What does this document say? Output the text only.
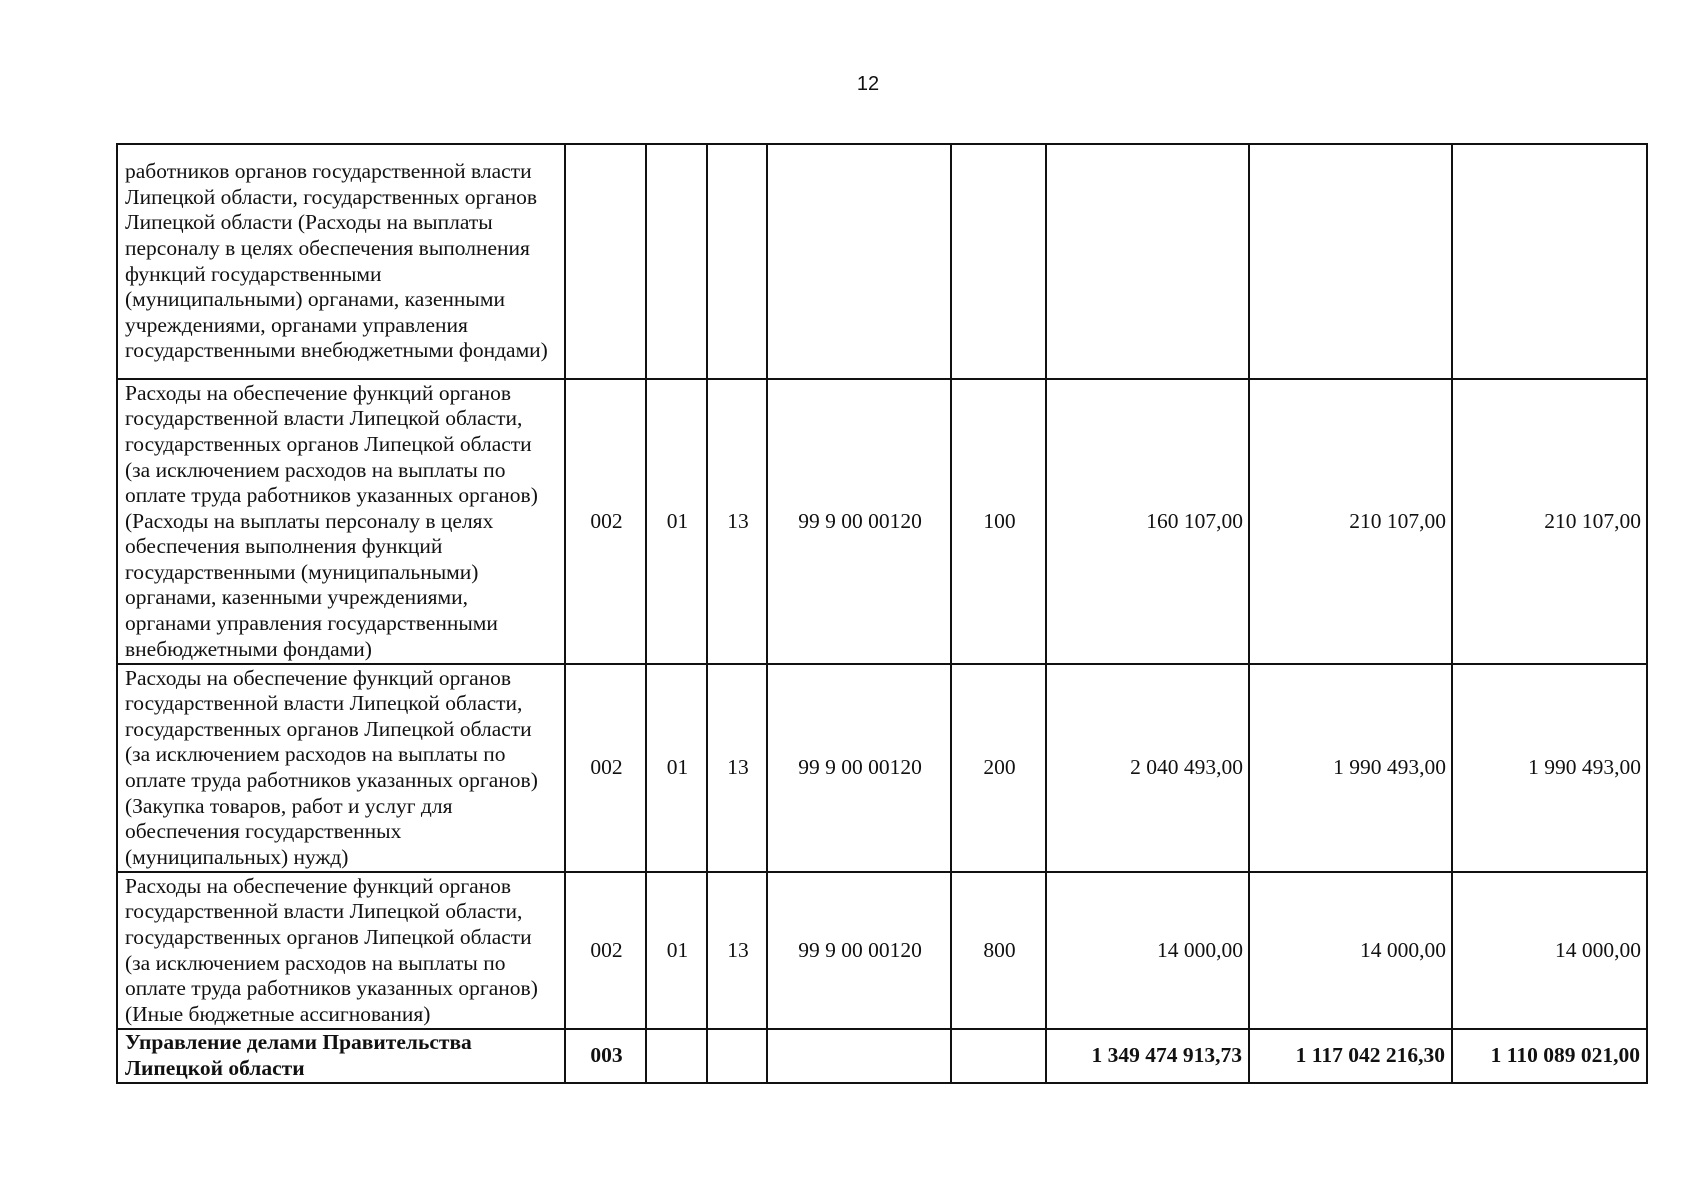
12
работников органов государственной власти Липецкой области, государственных органов Липецкой области (Расходы на выплаты персоналу в целях обеспечения выполнения функций государственными (муниципальными) органами, казенными учреждениями, органами управления государственными внебюджетными фондами)								
Расходы на обеспечение функций органов государственной власти Липецкой области, государственных органов Липецкой области (за исключением расходов на выплаты по оплате труда работников указанных органов) (Расходы на выплаты персоналу в целях обеспечения выполнения функций государственными (муниципальными) органами, казенными учреждениями, органами управления государственными внебюджетными фондами)	002	01	13	99 9 00 00120	100	160 107,00	210 107,00	210 107,00
Расходы на обеспечение функций органов государственной власти Липецкой области, государственных органов Липецкой области (за исключением расходов на выплаты по оплате труда работников указанных органов) (Закупка товаров, работ и услуг для обеспечения государственных (муниципальных) нужд)	002	01	13	99 9 00 00120	200	2 040 493,00	1 990 493,00	1 990 493,00
Расходы на обеспечение функций органов государственной власти Липецкой области, государственных органов Липецкой области (за исключением расходов на выплаты по оплате труда работников указанных органов) (Иные бюджетные ассигнования)	002	01	13	99 9 00 00120	800	14 000,00	14 000,00	14 000,00
Управление делами Правительства Липецкой области	003					1 349 474 913,73	1 117 042 216,30	1 110 089 021,00
